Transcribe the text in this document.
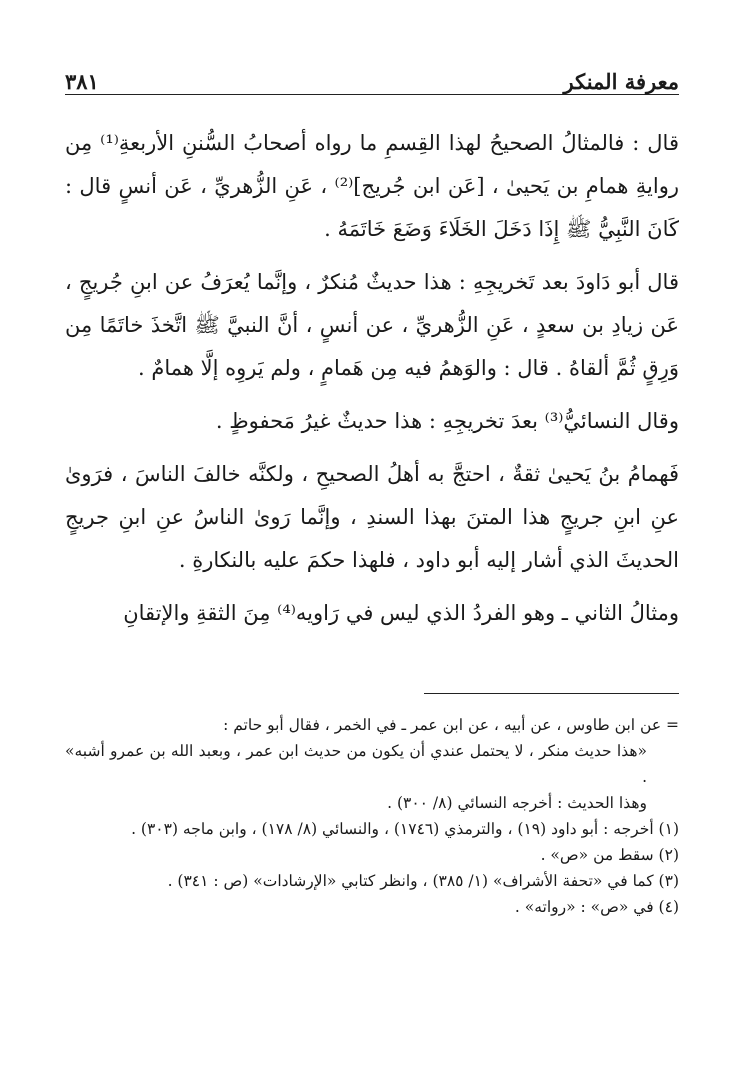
معرفة المنكر
٣٨١

قال : فالمثالُ الصحيحُ لهذا القِسمِ ما رواه أصحابُ السُّننِ الأربعةِ⁽¹⁾ مِن روايةِ همامِ بن يَحيىٰ ، [عَن ابن جُريج]⁽²⁾ ، عَنِ الزُّهريِّ ، عَن أنسٍ قال : كَانَ النَّبِيُّ ﷺ إِذَا دَخَلَ الخَلَاءَ وَضَعَ خَاتَمَهُ .

قال أبو دَاودَ بعد تَخريجِهِ : هذا حديثٌ مُنكرٌ ، وإنَّما يُعرَفُ عن ابنِ جُريجٍ ، عَن زيادِ بن سعدٍ ، عَنِ الزُّهريِّ ، عن أنسٍ ، أنَّ النبيَّ ﷺ اتَّخذَ خاتَمًا مِن وَرِقٍ ثُمَّ ألقاهُ . قال : والوَهمُ فيه مِن هَمامٍ ، ولم يَروِه إلَّا همامٌ .

وقال النسائيُّ⁽³⁾ بعدَ تخريجِهِ : هذا حديثٌ غيرُ مَحفوظٍ .

فَهمامُ بنُ يَحيىٰ ثقةٌ ، احتجَّ به أهلُ الصحيحِ ، ولكنَّه خالفَ الناسَ ، فرَوىٰ عنِ ابنِ جريجٍ هذا المتنَ بهذا السندِ ، وإنَّما رَوىٰ الناسُ عنِ ابنِ جريجٍ الحديثَ الذي أشار إليه أبو داود ، فلهذا حكمَ عليه بالنكارةِ .

ومثالُ الثاني ـ وهو الفردُ الذي ليس في رَاويه⁽⁴⁾ مِنَ الثقةِ والإتقانِ

= عن ابن طاوس ، عن أبيه ، عن ابن عمر ـ في الخمر ، فقال أبو حاتم :

«هذا حديث منكر ، لا يحتمل عندي أن يكون من حديث ابن عمر ، وبعبد الله بن عمرو أشبه» .

وهذا الحديث : أخرجه النسائي (٨/ ٣٠٠) .

(١) أخرجه : أبو داود (١٩) ، والترمذي (١٧٤٦) ، والنسائي (٨/ ١٧٨) ، وابن ماجه (٣٠٣) .

(٢) سقط من «ص» .

(٣) كما في «تحفة الأشراف» (١/ ٣٨٥) ، وانظر كتابي «الإرشادات» (ص : ٣٤١) .

(٤) في «ص» : «رواته» .
